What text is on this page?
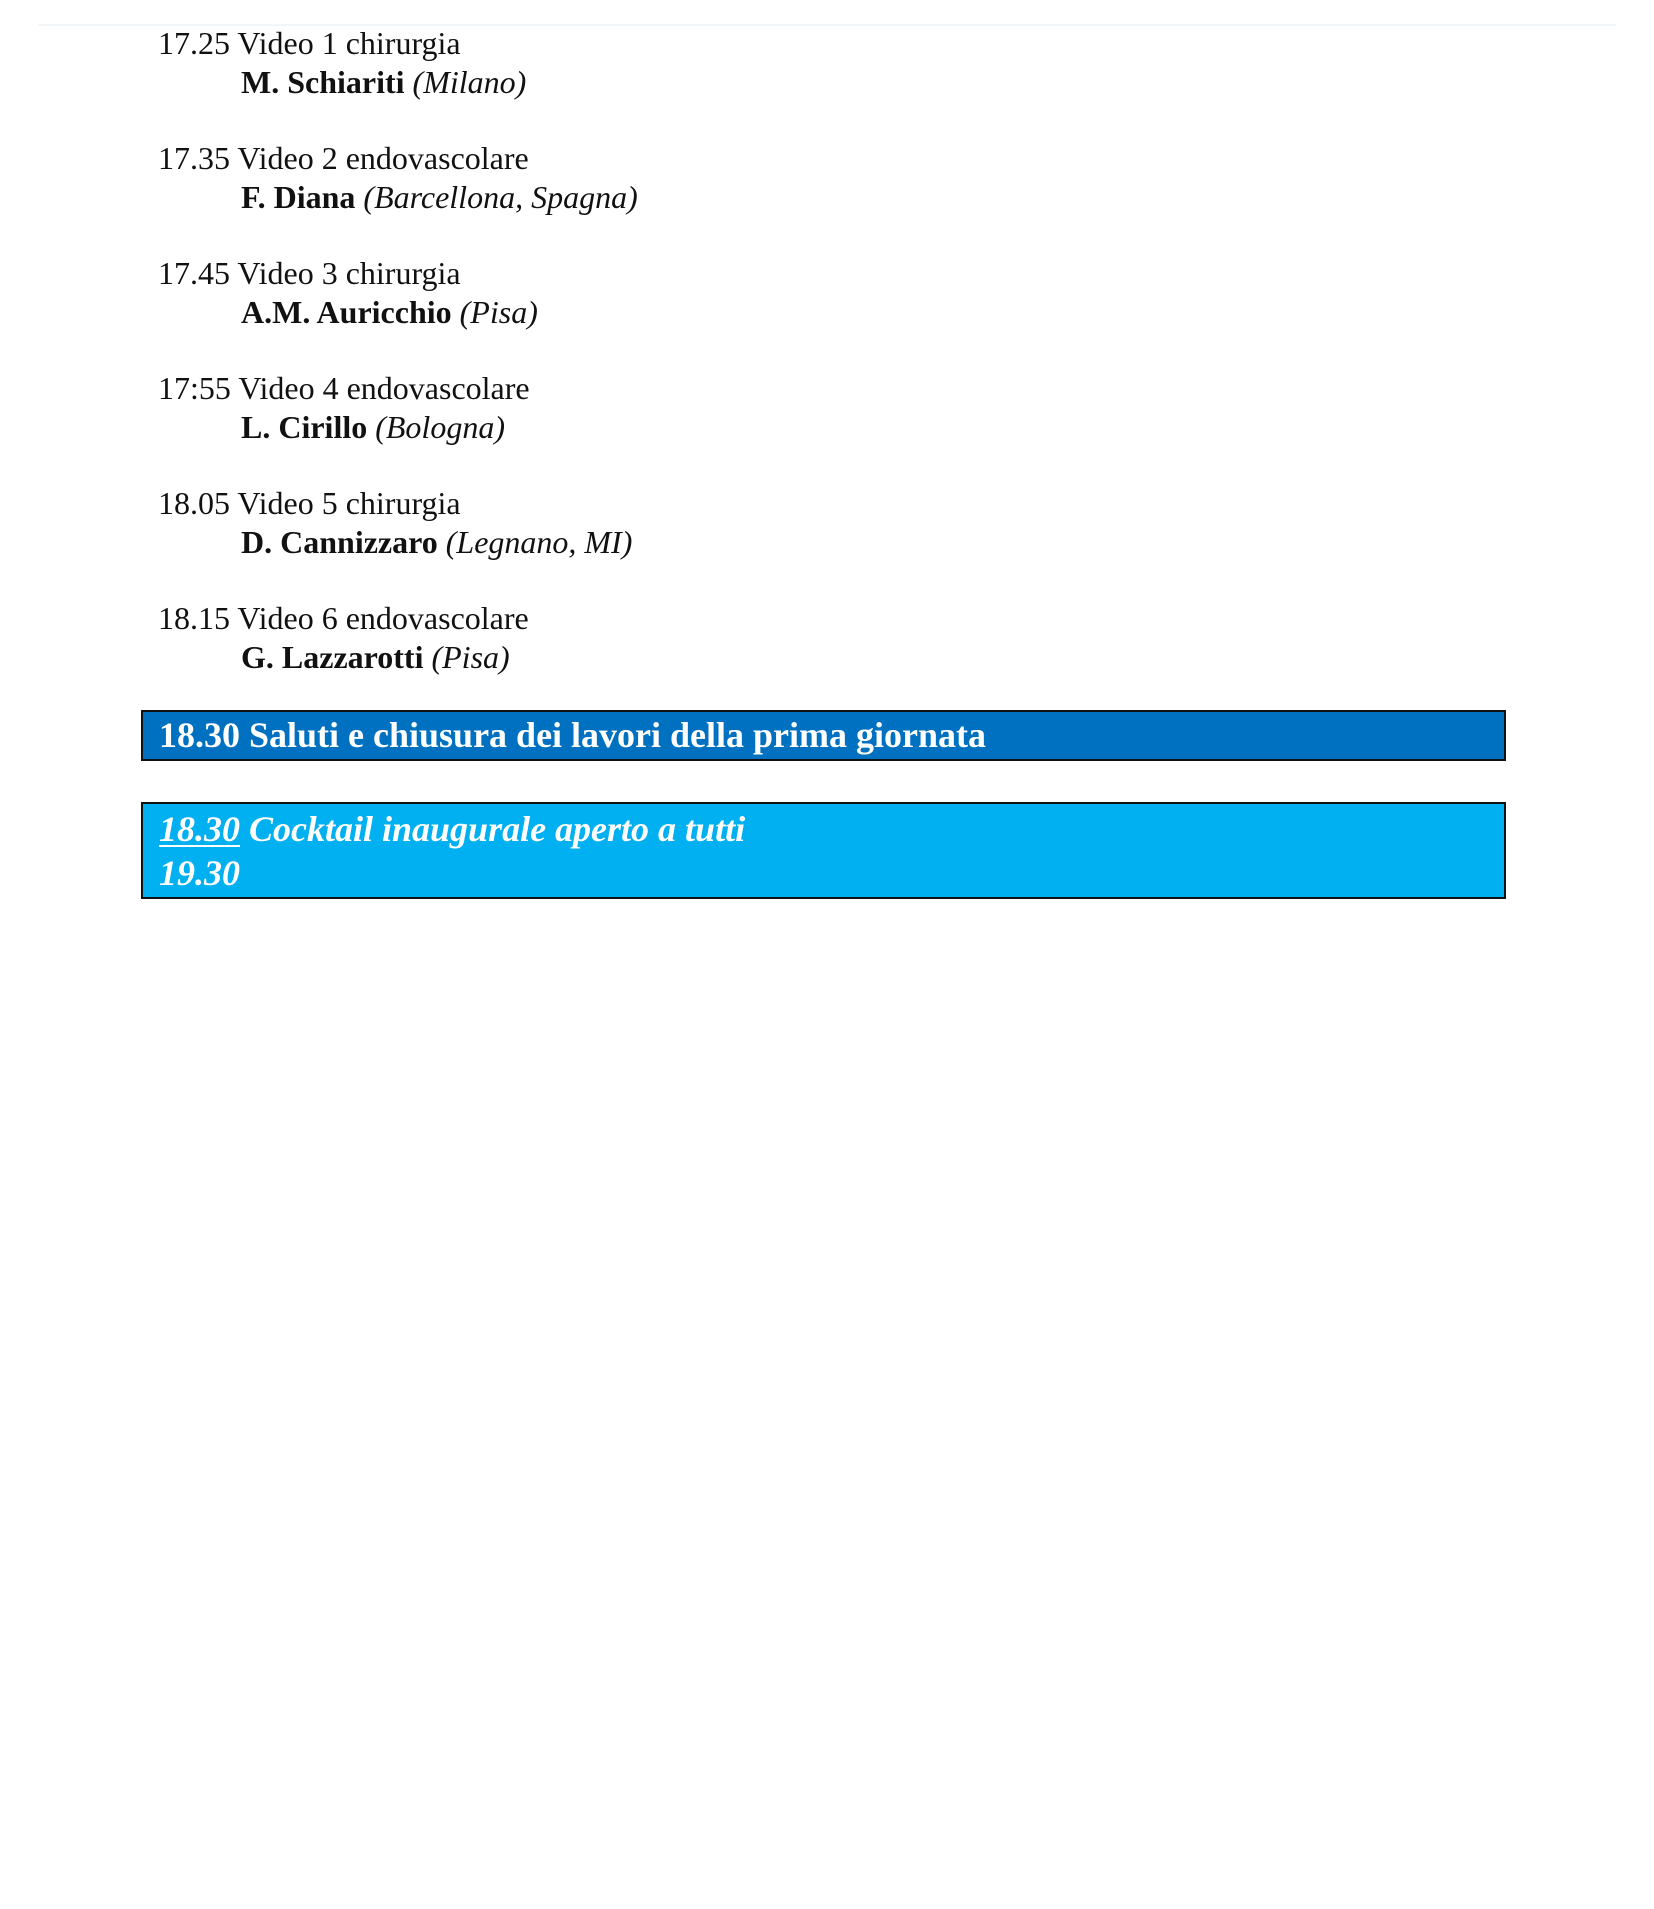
17.25 Video 1 chirurgia
M. Schiariti (Milano)
17.35 Video 2 endovascolare
F. Diana (Barcellona, Spagna)
17.45 Video 3 chirurgia
A.M. Auricchio (Pisa)
17:55 Video 4 endovascolare
L. Cirillo (Bologna)
18.05 Video 5 chirurgia
D. Cannizzaro (Legnano, MI)
18.15 Video 6 endovascolare
G. Lazzarotti (Pisa)
18.30 Saluti e chiusura dei lavori della prima giornata
18.30 Cocktail inaugurale aperto a tutti
19.30
